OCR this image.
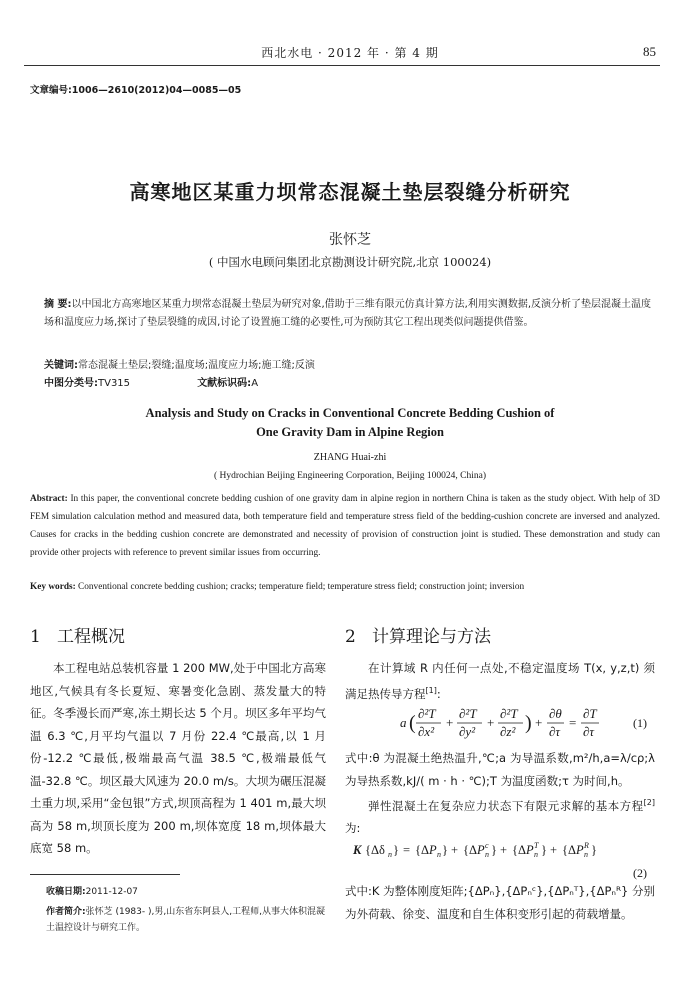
西北水电 · 2012 年 · 第 4 期	85
文章编号:1006—2610(2012)04—0085—05
高寒地区某重力坝常态混凝土垫层裂缝分析研究
张怀芝
( 中国水电顾问集团北京勘测设计研究院,北京 100024)
摘 要:以中国北方高寒地区某重力坝常态混凝土垫层为研究对象,借助于三维有限元仿真计算方法,利用实测数据,反演分析了垫层混凝土温度场和温度应力场,探讨了垫层裂缝的成因,讨论了设置施工缝的必要性,可为预防其它工程出现类似问题提供借鉴。
关键词:常态混凝土垫层;裂缝;温度场;温度应力场;施工缝;反演
中图分类号:TV315	文献标识码:A
Analysis and Study on Cracks in Conventional Concrete Bedding Cushion of
One Gravity Dam in Alpine Region
ZHANG Huai-zhi
( Hydrochian Beijing Engineering Corporation, Beijing 100024, China)
Abstract: In this paper, the conventional concrete bedding cushion of one gravity dam in alpine region in northern China is taken as the study object. With help of 3D FEM simulation calculation method and measured data, both temperature field and temperature stress field of the bedding-cushion concrete are inversed and analyzed. Causes for cracks in the bedding cushion concrete are demonstrated and necessity of provision of construction joint is studied. These demonstration and study can provide other projects with reference to prevent similar issues from occurring.
Key words: Conventional concrete bedding cushion; cracks; temperature field; temperature stress field; construction joint; inversion
1 工程概况

本工程电站总装机容量 1 200 MW,处于中国北方高寒地区,气候具有冬长夏短、寒暑变化急剧、蒸发量大的特征。冬季漫长而严寒,冻土期长达 5 个月。坝区多年平均气温 6.3 ℃,月平均气温以 7 月份 22.4 ℃最高,以 1 月份-12.2 ℃最低,极端最高气温 38.5 ℃,极端最低气温-32.8 ℃。坝区最大风速为 20.0 m/s。大坝为碾压混凝土重力坝,采用“金包银”方式,坝顶高程为 1 401 m,最大坝高为 58 m,坝顶长度为 200 m,坝体宽度 18 m,坝体最大底宽 58 m。

收稿日期:2011-12-07
作者简介:张怀芝 (1983- ),男,山东省东阿县人,工程师,从事大体积混凝土温控设计与研究工作。
2 计算理论与方法

在计算域 R 内任何一点处,不稳定温度场 T(x, y,z,t) 须满足热传导方程[1]:

a ( ∂²T
∂x²
+
∂²T
∂y²
+
∂²T
∂z² ) +
∂θ
∂τ
=
∂T
∂τ
(1)

式中:θ 为混凝土绝热温升,℃;a 为导温系数,m²/h,a=λ/cρ;λ 为导热系数,kJ/( m · h · ℃);T 为温度函数;τ 为时间,h。

弹性混凝土在复杂应力状态下有限元求解的基本方程[2]为:

K {Δδ n } = {Δ P n } + {Δ P n
c } + {Δ P n
T } + {Δ P n
R }
(2)

式中:K 为整体刚度矩阵;{ΔPₙ},{ΔPₙᶜ},{ΔPₙᵀ},{ΔPₙᴿ} 分别为外荷载、徐变、温度和自生体积变形引起的荷载增量。
